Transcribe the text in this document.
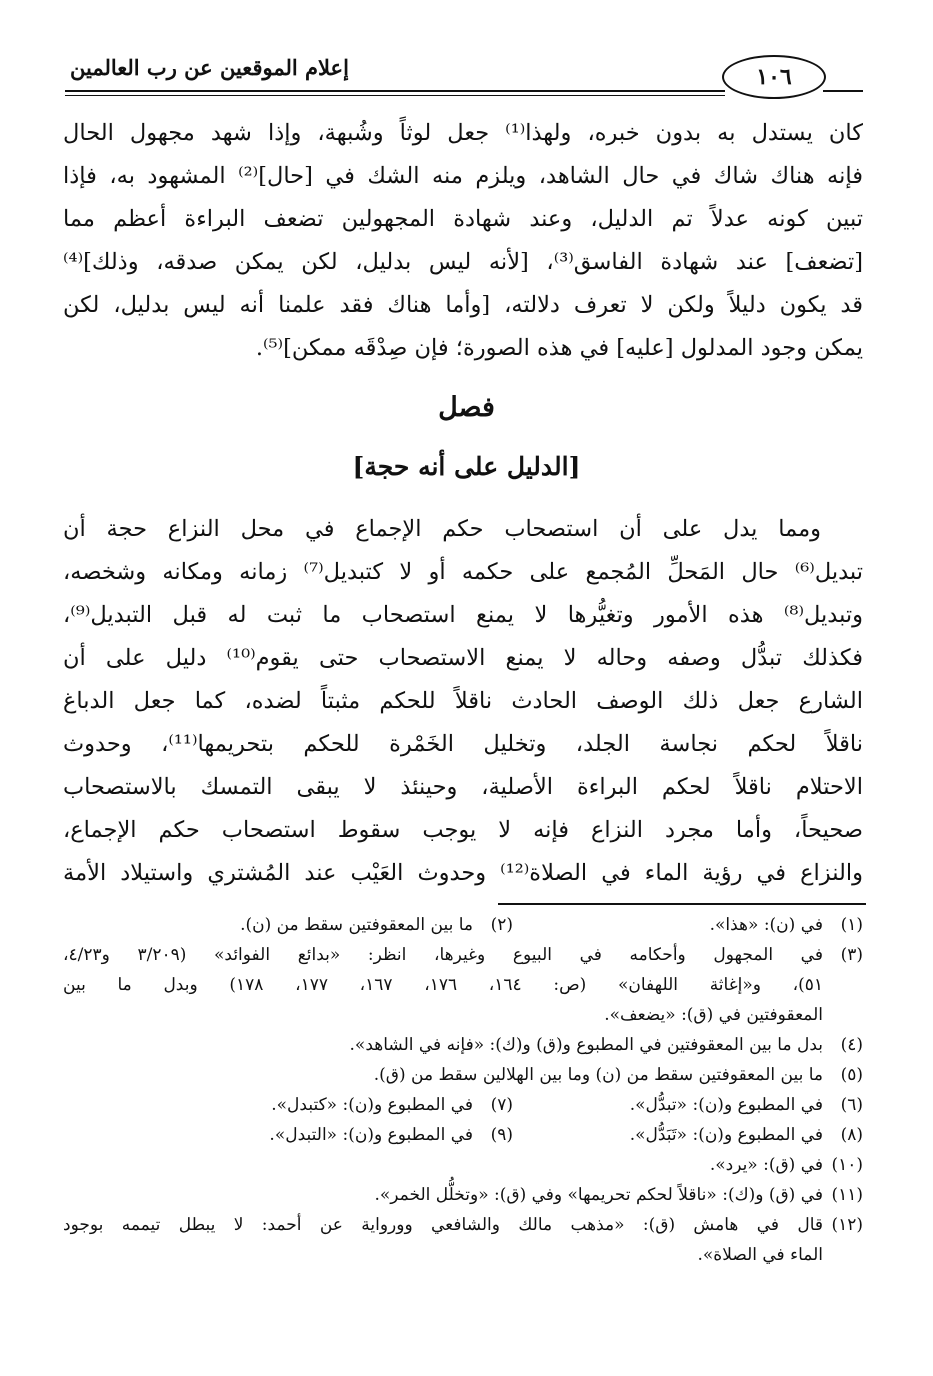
إعلام الموقعين عن رب العالمين	١٠٦
كان يستدل به بدون خبره، ولهذا⁽¹⁾ جعل لوثاً وشُبهة، وإذا شهد مجهول الحال
فإنه هناك شاك في حال الشاهد، ويلزم منه الشك في [حال]⁽²⁾ المشهود به، فإذا
تبين كونه عدلاً تم الدليل، وعند شهادة المجهولين تضعف البراءة أعظم مما
[تضعف] عند شهادة الفاسق⁽³⁾، [لأنه ليس بدليل، لكن يمكن صدقه، وذلك]⁽⁴⁾
قد يكون دليلاً ولكن لا تعرف دلالته، [وأما هناك فقد علمنا أنه ليس بدليل، لكن
يمكن وجود المدلول [عليه] في هذه الصورة؛ فإن صِدْقَه ممكن]⁽⁵⁾.
فصل
[الدليل على أنه حجة]
ومما يدل على أن استصحاب حكم الإجماع في محل النزاع حجة أن
تبديل⁽⁶⁾ حال المَحلِّ المُجمع على حكمه أو لا كتبديل⁽⁷⁾ زمانه ومكانه وشخصه،
وتبديل⁽⁸⁾ هذه الأمور وتغيُّرها لا يمنع استصحاب ما ثبت له قبل التبديل⁽⁹⁾،
فكذلك تبدُّل وصفه وحاله لا يمنع الاستصحاب حتى يقوم⁽¹⁰⁾ دليل على أن
الشارع جعل ذلك الوصف الحادث ناقلاً للحكم مثبتاً لضده، كما جعل الدباغ
ناقلاً لحكم نجاسة الجلد، وتخليل الخَمْرة للحكم بتحريمها⁽¹¹⁾، وحدوث
الاحتلام ناقلاً لحكم البراءة الأصلية، وحينئذ لا يبقى التمسك بالاستصحاب
صحيحاً، وأما مجرد النزاع فإنه لا يوجب سقوط استصحاب حكم الإجماع،
والنزاع في رؤية الماء في الصلاة⁽¹²⁾ وحدوث العَيْب عند المُشتري واستيلاد الأمة
(١)
في (ن): «هذا».
(٢)
ما بين المعقوفتين سقط من (ن).
(٣)
في المجهول وأحكامه في البيوع وغيرها، انظر: «بدائع الفوائد» (٣/٢٠٩ و٤/٢٣،
٥١)، و«إغاثة اللهفان» (ص: ١٦٤، ١٧٦، ١٦٧، ١٧٧، ١٧٨) وبدل ما بين
المعقوفتين في (ق): «يضعف».
(٤)
بدل ما بين المعقوفتين في المطبوع و(ق) و(ك): «فإنه في الشاهد».
(٥)
ما بين المعقوفتين سقط من (ن) وما بين الهلالين سقط من (ق).
(٦)
في المطبوع و(ن): «تبدُّل».
(٧)
في المطبوع و(ن): «كتبدل».
(٨)
في المطبوع و(ن): «تَبَدُّل».
(٩)
في المطبوع و(ن): «التبدل».
(١٠)
في (ق): «يرد».
(١١)
في (ق) و(ك): «ناقلاً لحكم تحريمها» وفي (ق): «وتخلُّل الخمر».
(١٢)
قال في هامش (ق): «مذهب مالك والشافعي وورواية عن أحمد: لا يبطل تيممه بوجود
الماء في الصلاة».
